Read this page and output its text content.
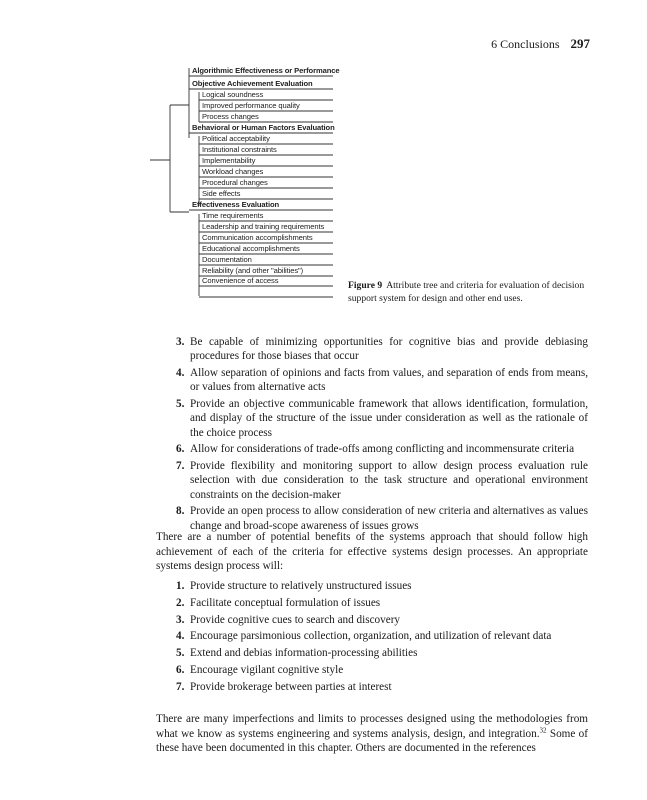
6 Conclusions 297
Algorithmic Effectiveness or Performance
Objective Achievement Evaluation
Logical soundness
Improved performance quality
Process changes
Behavioral or Human Factors Evaluation
Political acceptability
Institutional constraints
Implementability
Workload changes
Procedural changes
Side effects
Effectiveness Evaluation
Time requirements
Leadership and training requirements
Communication accomplishments
Educational accomplishments
Documentation
Reliability (and other "abilities")
Convenience of access	Figure 9 Attribute tree and criteria for evaluation of decision support system for design and other end uses.
3. Be capable of minimizing opportunities for cognitive bias and provide debiasing procedures for those biases that occur
4. Allow separation of opinions and facts from values, and separation of ends from means, or values from alternative acts
5. Provide an objective communicable framework that allows identification, formulation, and display of the structure of the issue under consideration as well as the rationale of the choice process
6. Allow for considerations of trade-offs among conflicting and incommensurate criteria
7. Provide flexibility and monitoring support to allow design process evaluation rule selection with due consideration to the task structure and operational environment constraints on the decision-maker
8. Provide an open process to allow consideration of new criteria and alternatives as values change and broad-scope awareness of issues grows

There are a number of potential benefits of the systems approach that should follow high achievement of each of the criteria for effective systems design processes. An appropriate systems design process will:

1. Provide structure to relatively unstructured issues
2. Facilitate conceptual formulation of issues
3. Provide cognitive cues to search and discovery
4. Encourage parsimonious collection, organization, and utilization of relevant data
5. Extend and debias information-processing abilities
6. Encourage vigilant cognitive style
7. Provide brokerage between parties at interest

There are many imperfections and limits to processes designed using the methodologies from what we know as systems engineering and systems analysis, design, and integration.$^{32}$ Some of these have been documented in this chapter. Others are documented in the references
